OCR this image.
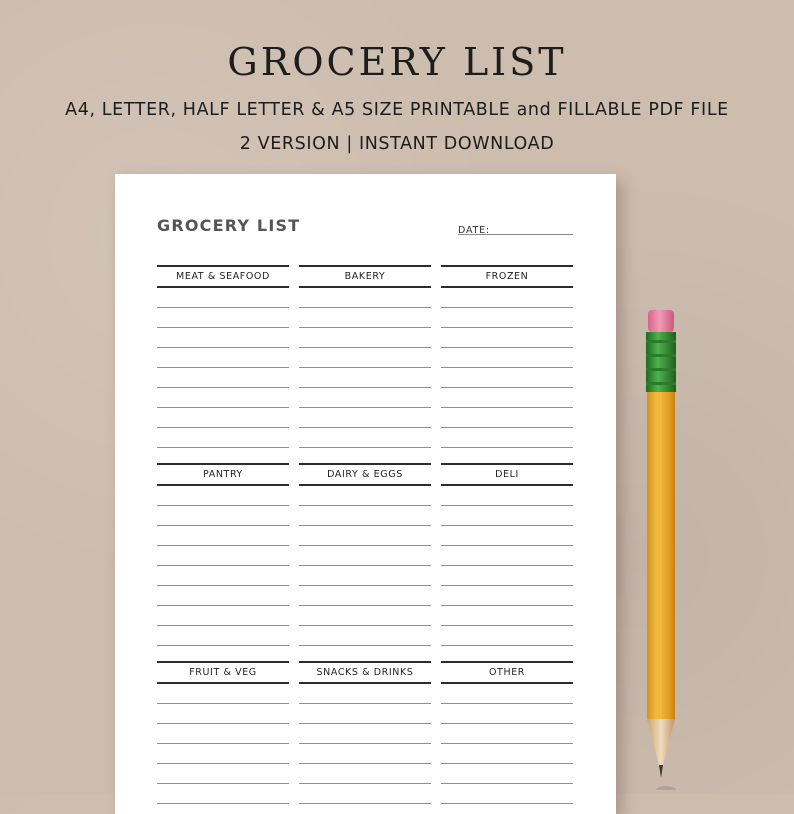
GROCERY LIST
A4, LETTER, HALF LETTER & A5 SIZE PRINTABLE and FILLABLE PDF FILE
2 VERSION | INSTANT DOWNLOAD
GROCERY LIST	DATE:
MEAT & SEAFOOD	BAKERY	FROZEN
PANTRY	DAIRY & EGGS	DELI
FRUIT & VEG	SNACKS & DRINKS	OTHER
